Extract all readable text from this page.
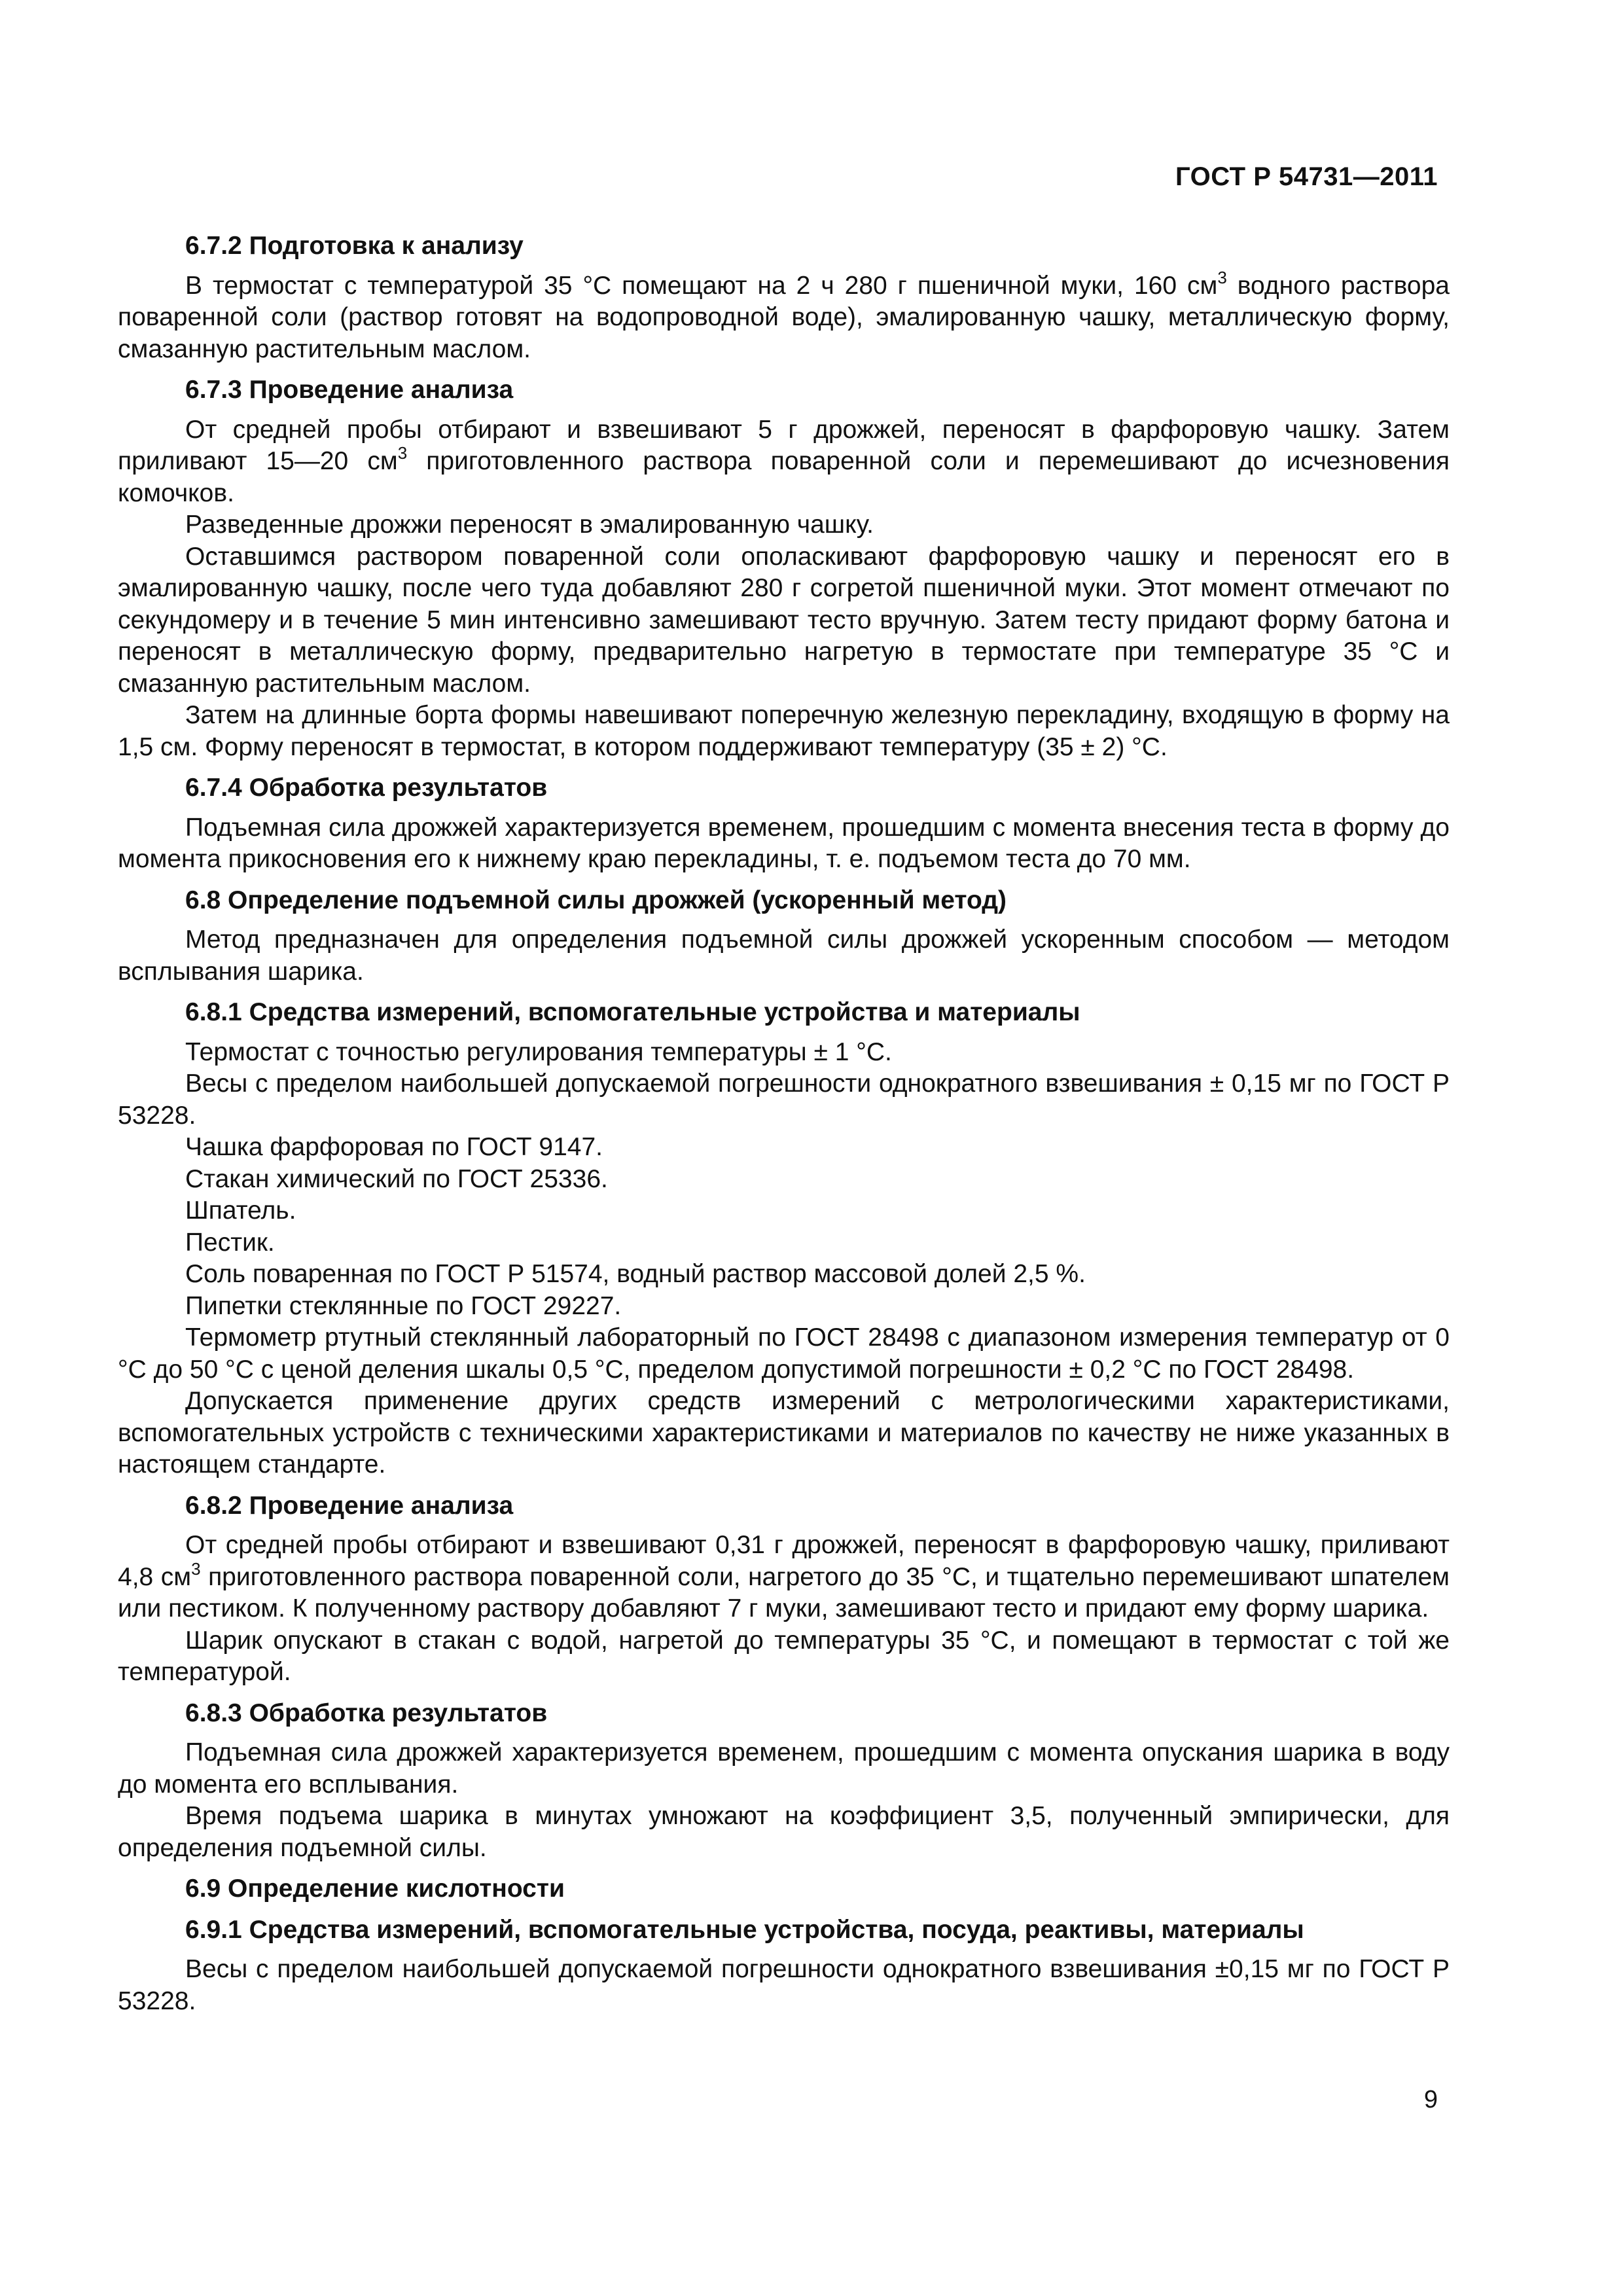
ГОСТ Р 54731—2011
6.7.2 Подготовка к анализу
В термостат с температурой 35 °С помещают на 2 ч 280 г пшеничной муки, 160 $см^3$ водного раствора поваренной соли (раствор готовят на водопроводной воде), эмалированную чашку, металлическую форму, смазанную растительным маслом.
6.7.3 Проведение анализа
От средней пробы отбирают и взвешивают 5 г дрожжей, переносят в фарфоровую чашку. Затем приливают 15—20 $см^3$ приготовленного раствора поваренной соли и перемешивают до исчезновения комочков.
Разведенные дрожжи переносят в эмалированную чашку.
Оставшимся раствором поваренной соли ополаскивают фарфоровую чашку и переносят его в эмалированную чашку, после чего туда добавляют 280 г согретой пшеничной муки. Этот момент отмечают по секундомеру и в течение 5 мин интенсивно замешивают тесто вручную. Затем тесту придают форму батона и переносят в металлическую форму, предварительно нагретую в термостате при температуре 35 °С и смазанную растительным маслом.
Затем на длинные борта формы навешивают поперечную железную перекладину, входящую в форму на 1,5 см. Форму переносят в термостат, в котором поддерживают температуру (35 ± 2) °С.
6.7.4 Обработка результатов
Подъемная сила дрожжей характеризуется временем, прошедшим с момента внесения теста в форму до момента прикосновения его к нижнему краю перекладины, т. е. подъемом теста до 70 мм.
6.8 Определение подъемной силы дрожжей (ускоренный метод)
Метод предназначен для определения подъемной силы дрожжей ускоренным способом — методом всплывания шарика.
6.8.1 Средства измерений, вспомогательные устройства и материалы
Термостат с точностью регулирования температуры ± 1 °С.
Весы с пределом наибольшей допускаемой погрешности однократного взвешивания ± 0,15 мг по ГОСТ Р 53228.
Чашка фарфоровая по ГОСТ 9147.
Стакан химический по ГОСТ 25336.
Шпатель.
Пестик.
Соль поваренная по ГОСТ Р 51574, водный раствор массовой долей 2,5 %.
Пипетки стеклянные по ГОСТ 29227.
Термометр ртутный стеклянный лабораторный по ГОСТ 28498 с диапазоном измерения температур от 0 °С до 50 °С с ценой деления шкалы 0,5 °С, пределом допустимой погрешности ± 0,2 °С по ГОСТ 28498.
Допускается применение других средств измерений с метрологическими характеристиками, вспомогательных устройств с техническими характеристиками и материалов по качеству не ниже указанных в настоящем стандарте.
6.8.2 Проведение анализа
От средней пробы отбирают и взвешивают 0,31 г дрожжей, переносят в фарфоровую чашку, приливают 4,8 $см^3$ приготовленного раствора поваренной соли, нагретого до 35 °С, и тщательно перемешивают шпателем или пестиком. К полученному раствору добавляют 7 г муки, замешивают тесто и придают ему форму шарика.
Шарик опускают в стакан с водой, нагретой до температуры 35 °С, и помещают в термостат с той же температурой.
6.8.3 Обработка результатов
Подъемная сила дрожжей характеризуется временем, прошедшим с момента опускания шарика в воду до момента его всплывания.
Время подъема шарика в минутах умножают на коэффициент 3,5, полученный эмпирически, для определения подъемной силы.
6.9 Определение кислотности
6.9.1 Средства измерений, вспомогательные устройства, посуда, реактивы, материалы
Весы с пределом наибольшей допускаемой погрешности однократного взвешивания ±0,15 мг по ГОСТ Р 53228.
9
